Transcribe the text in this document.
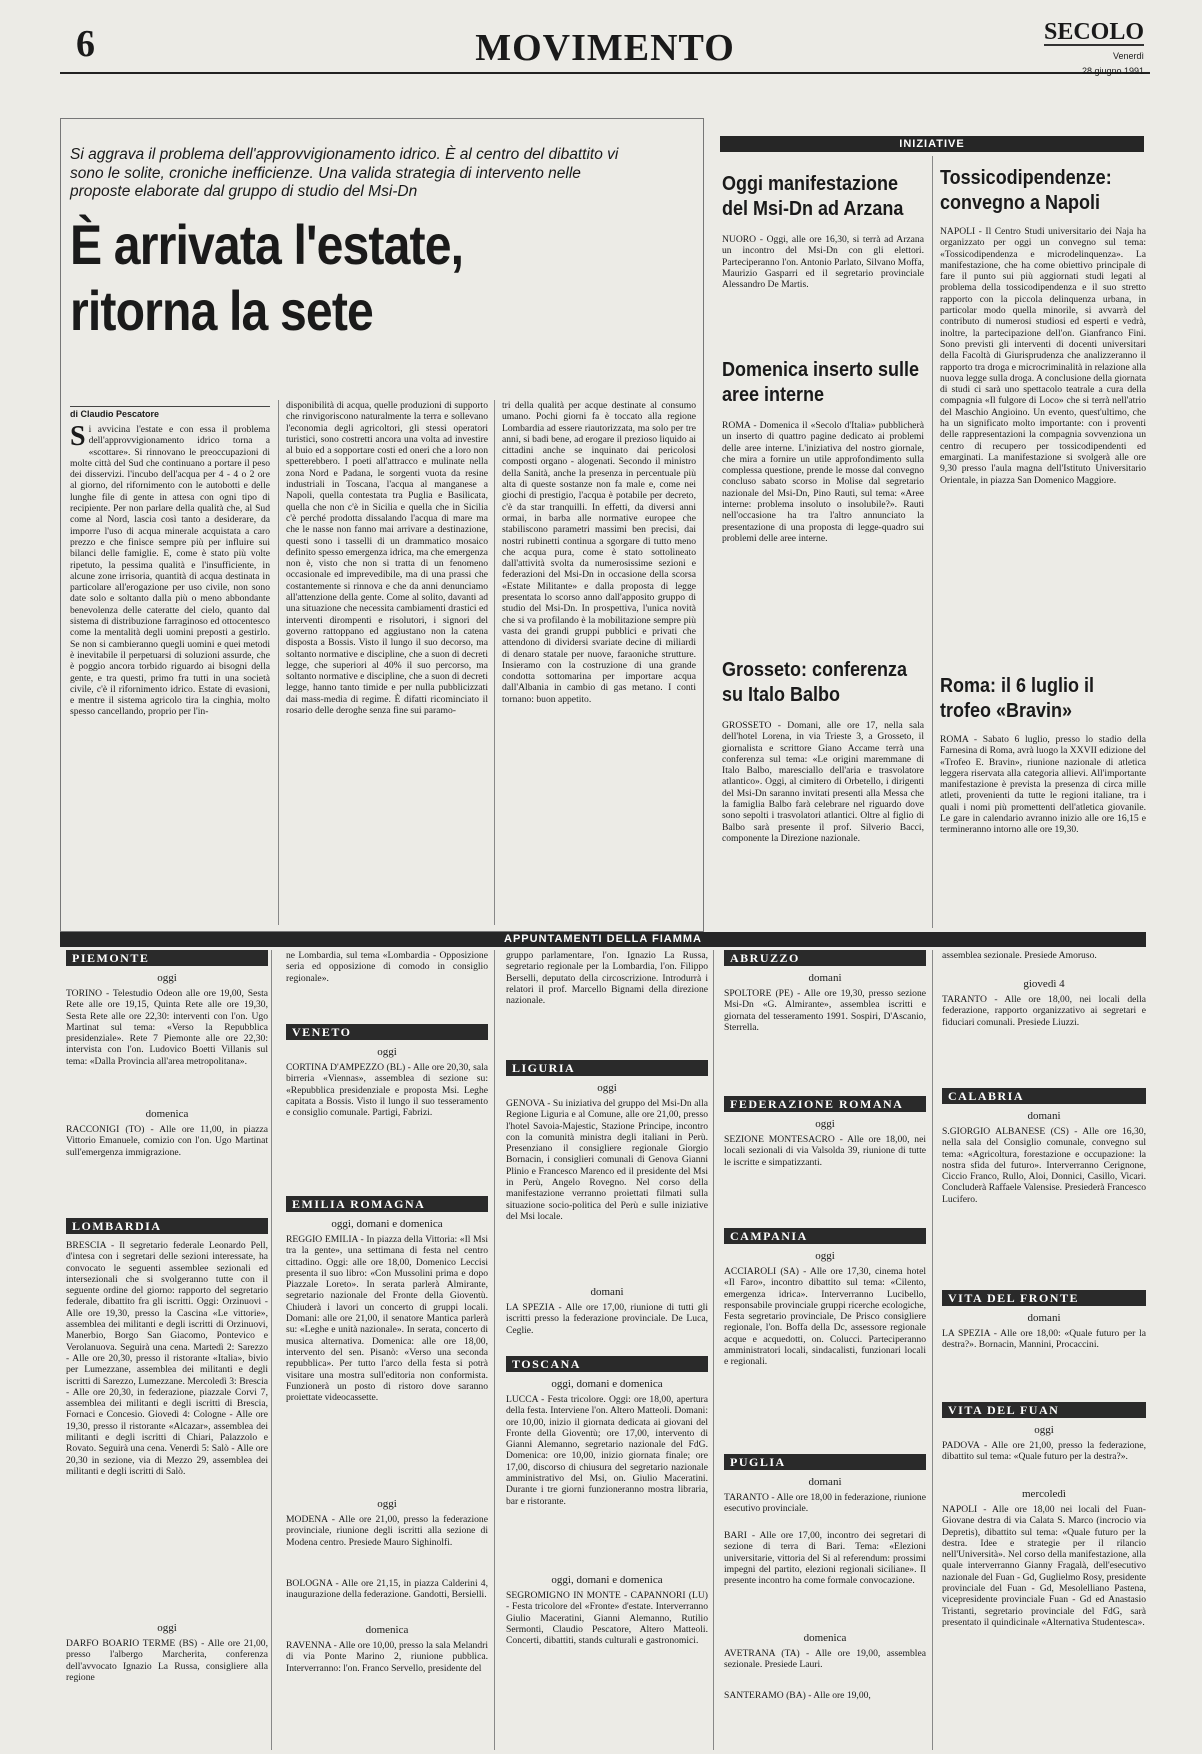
6	MOVIMENTO	SECOLO
Venerdì
28 giugno 1991
Si aggrava il problema dell'approvvigionamento idrico. È al centro del dibattito vi sono le solite, croniche inefficienze. Una valida strategia di intervento nelle proposte elaborate dal gruppo di studio del Msi-Dn
È arrivata l'estate,
ritorna la sete
di Claudio Pescatore
Si avvicina l'estate e con essa il problema dell'approvvigionamento idrico torna a «scottare». Si rinnovano le preoccupazioni di molte città del Sud che continuano a portare il peso dei disservizi. l'incubo dell'acqua per 4 - 4 o 2 ore al giorno, del rifornimento con le autobotti e delle lunghe file di gente in attesa con ogni tipo di recipiente. Per non parlare della qualità che, al Sud come al Nord, lascia così tanto a desiderare, da imporre l'uso di acqua minerale acquistata a caro prezzo e che finisce sempre più per influire sui bilanci delle famiglie. E, come è stato più volte ripetuto, la pessima qualità e l'insufficiente, in alcune zone irrisoria, quantità di acqua destinata in particolare all'erogazione per uso civile, non sono date solo e soltanto dalla più o meno abbondante benevolenza delle cateratte del cielo, quanto dal sistema di distribuzione farraginoso ed ottocentesco come la mentalità degli uomini preposti a gestirlo. Se non si cambieranno quegli uomini e quei metodi è inevitabile il perpetuarsi di soluzioni assurde, che è poggio ancora torbido riguardo ai bisogni della gente, e tra questi, primo fra tutti in una società civile, c'è il rifornimento idrico. Estate di evasioni, e mentre il sistema agricolo tira la cinghia, molto spesso cancellando, proprio per l'in-
disponibilità di acqua, quelle produzioni di supporto che rinvigoriscono naturalmente la terra e sollevano l'economia degli agricoltori, gli stessi operatori turistici, sono costretti ancora una volta ad investire al buio ed a sopportare costi ed oneri che a loro non spetterebbero. I poeti all'attracco e mulinate nella zona Nord e Padana, le sorgenti vuota da resine industriali in Toscana, l'acqua al manganese a Napoli, quella contestata tra Puglia e Basilicata, quella che non c'è in Sicilia e quella che in Sicilia c'è perché prodotta dissalando l'acqua di mare ma che le nasse non fanno mai arrivare a destinazione, questi sono i tasselli di un drammatico mosaico definito spesso emergenza idrica, ma che emergenza non è, visto che non si tratta di un fenomeno occasionale ed imprevedibile, ma di una prassi che costantemente si rinnova e che da anni denunciamo all'attenzione della gente. Come al solito, davanti ad una situazione che necessita cambiamenti drastici ed interventi dirompenti e risolutori, i signori del governo rattoppano ed aggiustano non la catena disposta a Bossis. Visto il lungo il suo decorso, ma soltanto normative e discipline, che a suon di decreti legge, che superiori al 40% il suo percorso, ma soltanto normative e discipline, che a suon di decreti legge, hanno tanto timide e per nulla pubblicizzati dai mass-media di regime. È difatti ricominciato il rosario delle deroghe senza fine sui paramo-
tri della qualità per acque destinate al consumo umano. Pochi giorni fa è toccato alla regione Lombardia ad essere riautorizzata, ma solo per tre anni, si badi bene, ad erogare il prezioso liquido ai cittadini anche se inquinato dai pericolosi composti organo - alogenati. Secondo il ministro della Sanità, anche la presenza in percentuale più alta di queste sostanze non fa male e, come nei giochi di prestigio, l'acqua è potabile per decreto, c'è da star tranquilli. In effetti, da diversi anni ormai, in barba alle normative europee che stabiliscono parametri massimi ben precisi, dai nostri rubinetti continua a sgorgare di tutto meno che acqua pura, come è stato sottolineato dall'attività svolta da numerosissime sezioni e federazioni del Msi-Dn in occasione della scorsa «Estate Militante» e dalla proposta di legge presentata lo scorso anno dall'apposito gruppo di studio del Msi-Dn. In prospettiva, l'unica novità che si va profilando è la mobilitazione sempre più vasta dei grandi gruppi pubblici e privati che attendono di dividersi svariate decine di miliardi di denaro statale per nuove, faraoniche strutture. Insieramo con la costruzione di una grande condotta sottomarina per importare acqua dall'Albania in cambio di gas metano. I conti tornano: buon appetito.
INIZIATIVE
Oggi manifestazione del Msi-Dn ad Arzana
NUORO - Oggi, alle ore 16,30, si terrà ad Arzana un incontro del Msi-Dn con gli elettori. Parteciperanno l'on. Antonio Parlato, Silvano Moffa, Maurizio Gasparri ed il segretario provinciale Alessandro De Martis.
Domenica inserto sulle aree interne
ROMA - Domenica il «Secolo d'Italia» pubblicherà un inserto di quattro pagine dedicato ai problemi delle aree interne. L'iniziativa del nostro giornale, che mira a fornire un utile approfondimento sulla complessa questione, prende le mosse dal convegno concluso sabato scorso in Molise dal segretario nazionale del Msi-Dn, Pino Rauti, sul tema: «Aree interne: problema insoluto o insolubile?». Rauti nell'occasione ha tra l'altro annunciato la presentazione di una proposta di legge-quadro sui problemi delle aree interne.
Grosseto: conferenza su Italo Balbo
GROSSETO - Domani, alle ore 17, nella sala dell'hotel Lorena, in via Trieste 3, a Grosseto, il giornalista e scrittore Giano Accame terrà una conferenza sul tema: «Le origini maremmane di Italo Balbo, maresciallo dell'aria e trasvolatore atlantico». Oggi, al cimitero di Orbetello, i dirigenti del Msi-Dn saranno invitati presenti alla Messa che la famiglia Balbo farà celebrare nel riguardo dove sono sepolti i trasvolatori atlantici. Oltre al figlio di Balbo sarà presente il prof. Silverio Bacci, componente la Direzione nazionale.
Tossicodipendenze: convegno a Napoli
NAPOLI - Il Centro Studi universitario dei Naja ha organizzato per oggi un convegno sul tema: «Tossicodipendenza e microdelinquenza». La manifestazione, che ha come obiettivo principale di fare il punto sui più aggiornati studi legati al problema della tossicodipendenza e il suo stretto rapporto con la piccola delinquenza urbana, in particolar modo quella minorile, si avvarrà del contributo di numerosi studiosi ed esperti e vedrà, inoltre, la partecipazione dell'on. Gianfranco Fini. Sono previsti gli interventi di docenti universitari della Facoltà di Giurisprudenza che analizzeranno il rapporto tra droga e microcriminalità in relazione alla nuova legge sulla droga. A conclusione della giornata di studi ci sarà uno spettacolo teatrale a cura della compagnia «Il fulgore di Loco» che si terrà nell'atrio del Maschio Angioino. Un evento, quest'ultimo, che ha un significato molto importante: con i proventi delle rappresentazioni la compagnia sovvenziona un centro di recupero per tossicodipendenti ed emarginati. La manifestazione si svolgerà alle ore 9,30 presso l'aula magna dell'Istituto Universitario Orientale, in piazza San Domenico Maggiore.
Roma: il 6 luglio il trofeo «Bravin»
ROMA - Sabato 6 luglio, presso lo stadio della Farnesina di Roma, avrà luogo la XXVII edizione del «Trofeo E. Bravin», riunione nazionale di atletica leggera riservata alla categoria allievi. All'importante manifestazione è prevista la presenza di circa mille atleti, provenienti da tutte le regioni italiane, tra i quali i nomi più promettenti dell'atletica giovanile. Le gare in calendario avranno inizio alle ore 16,15 e termineranno intorno alle ore 19,30.
APPUNTAMENTI DELLA FIAMMA
PIEMONTE
oggi
TORINO - Telestudio Odeon alle ore 19,00, Sesta Rete alle ore 19,15, Quinta Rete alle ore 19,30, Sesta Rete alle ore 22,30: interventi con l'on. Ugo Martinat sul tema: «Verso la Repubblica presidenziale». Rete 7 Piemonte alle ore 22,30: intervista con l'on. Ludovico Boetti Villanis sul tema: «Dalla Provincia all'area metropolitana».
domenica
RACCONIGI (TO) - Alle ore 11,00, in piazza Vittorio Emanuele, comizio con l'on. Ugo Martinat sull'emergenza immigrazione.
LOMBARDIA
BRESCIA - Il segretario federale Leonardo Pell, d'intesa con i segretari delle sezioni interessate, ha convocato le seguenti assemblee sezionali ed intersezionali che si svolgeranno tutte con il seguente ordine del giorno: rapporto del segretario federale, dibattito fra gli iscritti. Oggi: Orzinuovi - Alle ore 19,30, presso la Cascina «Le vittorie», assemblea dei militanti e degli iscritti di Orzinuovi, Manerbio, Borgo San Giacomo, Pontevico e Verolanuova. Seguirà una cena. Martedì 2: Sarezzo - Alle ore 20,30, presso il ristorante «Italia», bivio per Lumezzane, assemblea dei militanti e degli iscritti di Sarezzo, Lumezzane. Mercoledì 3: Brescia - Alle ore 20,30, in federazione, piazzale Corvi 7, assemblea dei militanti e degli iscritti di Brescia, Fornaci e Concesio. Giovedì 4: Cologne - Alle ore 19,30, presso il ristorante «Alcazar», assemblea dei militanti e degli iscritti di Chiari, Palazzolo e Rovato. Seguirà una cena. Venerdì 5: Salò - Alle ore 20,30 in sezione, via di Mezzo 29, assemblea dei militanti e degli iscritti di Salò.
oggi
DARFO BOARIO TERME (BS) - Alle ore 21,00, presso l'albergo Marcherita, conferenza dell'avvocato Ignazio La Russa, consigliere alla regione
ne Lombardia, sul tema «Lombardia - Opposizione seria ed opposizione di comodo in consiglio regionale».
VENETO
oggi
CORTINA D'AMPEZZO (BL) - Alle ore 20,30, sala birreria «Viennas», assemblea di sezione su: «Repubblica presidenziale e proposta Msi. Leghe capitata a Bossis. Visto il lungo il suo tesseramento e consiglio comunale. Partigi, Fabrizi.
EMILIA ROMAGNA
oggi, domani e domenica
REGGIO EMILIA - In piazza della Vittoria: «Il Msi tra la gente», una settimana di festa nel centro cittadino. Oggi: alle ore 18,00, Domenico Leccisi presenta il suo libro: «Con Mussolini prima e dopo Piazzale Loreto». In serata parlerà Almirante, segretario nazionale del Fronte della Gioventù. Chiuderà i lavori un concerto di gruppi locali. Domani: alle ore 21,00, il senatore Mantica parlerà su: «Leghe e unità nazionale». In serata, concerto di musica alternativa. Domenica: alle ore 18,00, intervento del sen. Pisanò: «Verso una seconda repubblica». Per tutto l'arco della festa si potrà visitare una mostra sull'editoria non conformista. Funzionerà un posto di ristoro dove saranno proiettate videocassette.
oggi
MODENA - Alle ore 21,00, presso la federazione provinciale, riunione degli iscritti alla sezione di Modena centro. Presiede Mauro Sighinolfi.
BOLOGNA - Alle ore 21,15, in piazza Calderini 4, inaugurazione della federazione. Gandotti, Bersielli.
domenica
RAVENNA - Alle ore 10,00, presso la sala Melandri di via Ponte Marino 2, riunione pubblica. Interverranno: l'on. Franco Servello, presidente del
gruppo parlamentare, l'on. Ignazio La Russa, segretario regionale per la Lombardia, l'on. Filippo Berselli, deputato della circoscrizione. Introdurrà i relatori il prof. Marcello Bignami della direzione nazionale.
LIGURIA
oggi
GENOVA - Su iniziativa del gruppo del Msi-Dn alla Regione Liguria e al Comune, alle ore 21,00, presso l'hotel Savoia-Majestic, Stazione Principe, incontro con la comunità ministra degli italiani in Perù. Presenziano il consigliere regionale Giorgio Bornacin, i consiglieri comunali di Genova Gianni Plinio e Francesco Marenco ed il presidente del Msi in Perù, Angelo Rovegno. Nel corso della manifestazione verranno proiettati filmati sulla situazione socio-politica del Perù e sulle iniziative del Msi locale.
domani
LA SPEZIA - Alle ore 17,00, riunione di tutti gli iscritti presso la federazione provinciale. De Luca, Ceglie.
TOSCANA
oggi, domani e domenica
LUCCA - Festa tricolore. Oggi: ore 18,00, apertura della festa. Interviene l'on. Altero Matteoli. Domani: ore 10,00, inizio il giornata dedicata ai giovani del Fronte della Gioventù; ore 17,00, intervento di Gianni Alemanno, segretario nazionale del FdG. Domenica: ore 10,00, inizio giornata finale; ore 17,00, discorso di chiusura del segretario nazionale amministrativo del Msi, on. Giulio Maceratini. Durante i tre giorni funzioneranno mostra libraria, bar e ristorante.
oggi, domani e domenica
SEGROMIGNO IN MONTE - CAPANNORI (LU) - Festa tricolore del «Fronte» d'estate. Interverranno Giulio Maceratini, Gianni Alemanno, Rutilio Sermonti, Claudio Pescatore, Altero Matteoli. Concerti, dibattiti, stands culturali e gastronomici.
ABRUZZO
domani
SPOLTORE (PE) - Alle ore 19,30, presso sezione Msi-Dn «G. Almirante», assemblea iscritti e giornata del tesseramento 1991. Sospiri, D'Ascanio, Sterrella.
FEDERAZIONE ROMANA
oggi
SEZIONE MONTESACRO - Alle ore 18,00, nei locali sezionali di via Valsolda 39, riunione di tutte le iscritte e simpatizzanti.
CAMPANIA
oggi
ACCIAROLI (SA) - Alle ore 17,30, cinema hotel «Il Faro», incontro dibattito sul tema: «Cilento, emergenza idrica». Interverranno Lucibello, responsabile provinciale gruppi ricerche ecologiche, Festa segretario provinciale, De Prisco consigliere regionale, l'on. Boffa della Dc, assessore regionale acque e acquedotti, on. Colucci. Parteciperanno amministratori locali, sindacalisti, funzionari locali e regionali.
PUGLIA
domani
TARANTO - Alle ore 18,00 in federazione, riunione esecutivo provinciale.
BARI - Alle ore 17,00, incontro dei segretari di sezione di terra di Bari. Tema: «Elezioni universitarie, vittoria del Si al referendum: prossimi impegni del partito, elezioni regionali siciliane». Il presente incontro ha come formale convocazione.
domenica
AVETRANA (TA) - Alle ore 19,00, assemblea sezionale. Presiede Lauri.
SANTERAMO (BA) - Alle ore 19,00,
assemblea sezionale. Presiede Amoruso.
giovedì 4
TARANTO - Alle ore 18,00, nei locali della federazione, rapporto organizzativo ai segretari e fiduciari comunali. Presiede Liuzzi.
CALABRIA
domani
S.GIORGIO ALBANESE (CS) - Alle ore 16,30, nella sala del Consiglio comunale, convegno sul tema: «Agricoltura, forestazione e occupazione: la nostra sfida del futuro». Interverranno Cerignone, Ciccio Franco, Rullo, Aloi, Donnici, Casillo, Vicari. Concluderà Raffaele Valensise. Presiederà Francesco Lucifero.
VITA DEL FRONTE
domani
LA SPEZIA - Alle ore 18,00: «Quale futuro per la destra?». Bornacin, Mannini, Procaccini.
VITA DEL FUAN
oggi
PADOVA - Alle ore 21,00, presso la federazione, dibattito sul tema: «Quale futuro per la destra?».
mercoledì
NAPOLI - Alle ore 18,00 nei locali del Fuan-Giovane destra di via Calata S. Marco (incrocio via Depretis), dibattito sul tema: «Quale futuro per la destra. Idee e strategie per il rilancio nell'Università». Nel corso della manifestazione, alla quale interverranno Gianny Fragalà, dell'esecutivo nazionale del Fuan - Gd, Guglielmo Rosy, presidente provinciale del Fuan - Gd, Mesolelliano Pastena, vicepresidente provinciale Fuan - Gd ed Anastasio Tristanti, segretario provinciale del FdG, sarà presentato il quindicinale «Alternativa Studentesca».
